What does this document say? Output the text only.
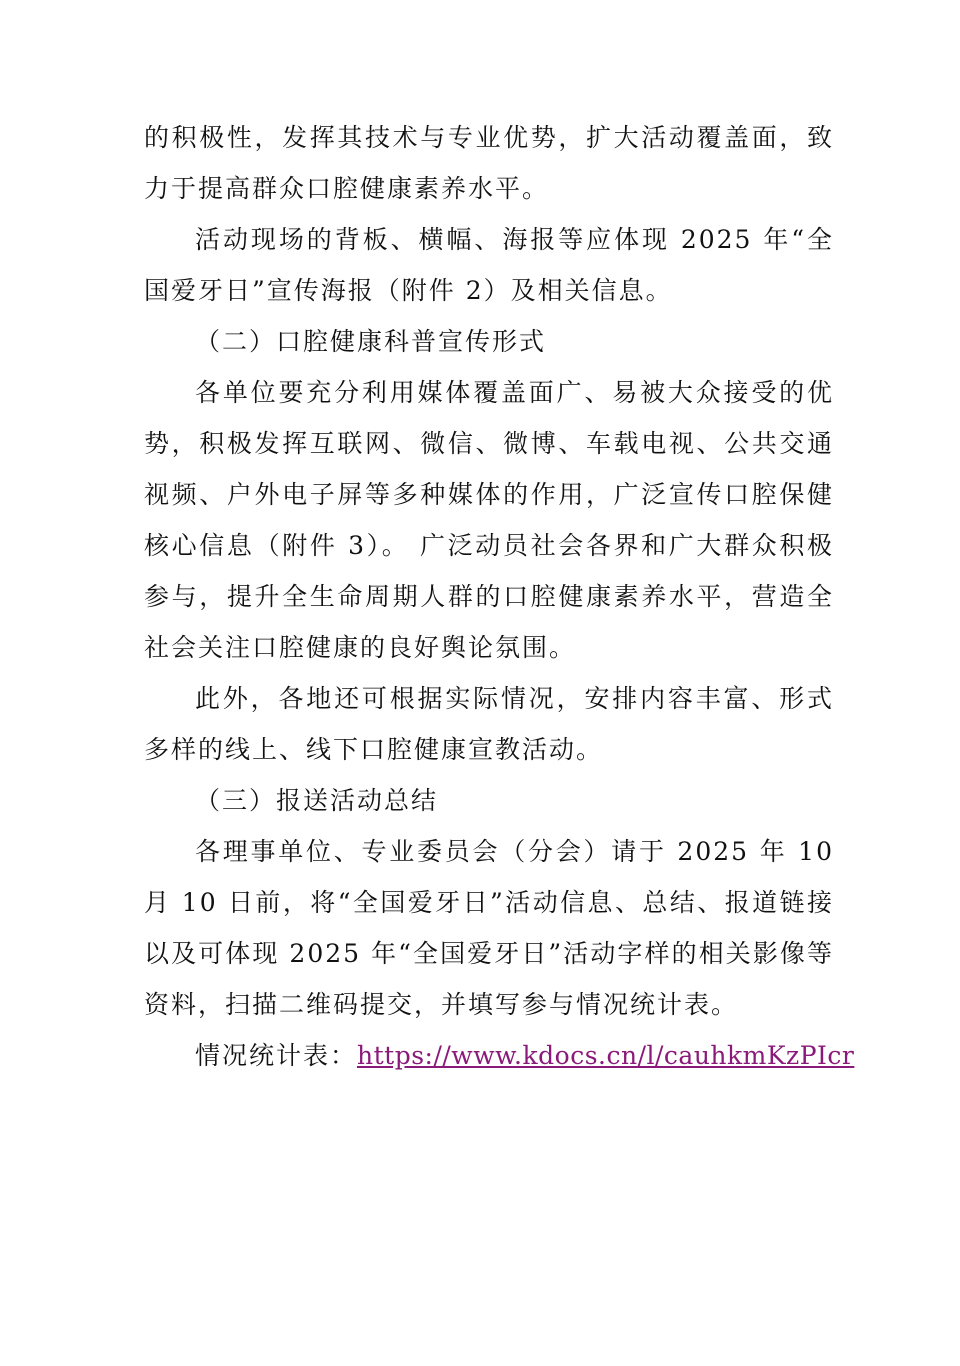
的积极性，发挥其技术与专业优势，扩大活动覆盖面，致力于提高群众口腔健康素养水平。

活动现场的背板、横幅、海报等应体现 2025 年“全国爱牙日”宣传海报（附件 2）及相关信息。

（二）口腔健康科普宣传形式

各单位要充分利用媒体覆盖面广、易被大众接受的优势，积极发挥互联网、微信、微博、车载电视、公共交通视频、户外电子屏等多种媒体的作用，广泛宣传口腔保健核心信息（附件 3）。 广泛动员社会各界和广大群众积极参与，提升全生命周期人群的口腔健康素养水平，营造全社会关注口腔健康的良好舆论氛围。

此外，各地还可根据实际情况，安排内容丰富、形式多样的线上、线下口腔健康宣教活动。

（三）报送活动总结

各理事单位、专业委员会（分会）请于 2025 年 10 月 10 日前，将“全国爱牙日”活动信息、总结、报道链接以及可体现 2025 年“全国爱牙日”活动字样的相关影像等资料，扫描二维码提交，并填写参与情况统计表。

情况统计表：https://www.kdocs.cn/l/cauhkmKzPIcr
